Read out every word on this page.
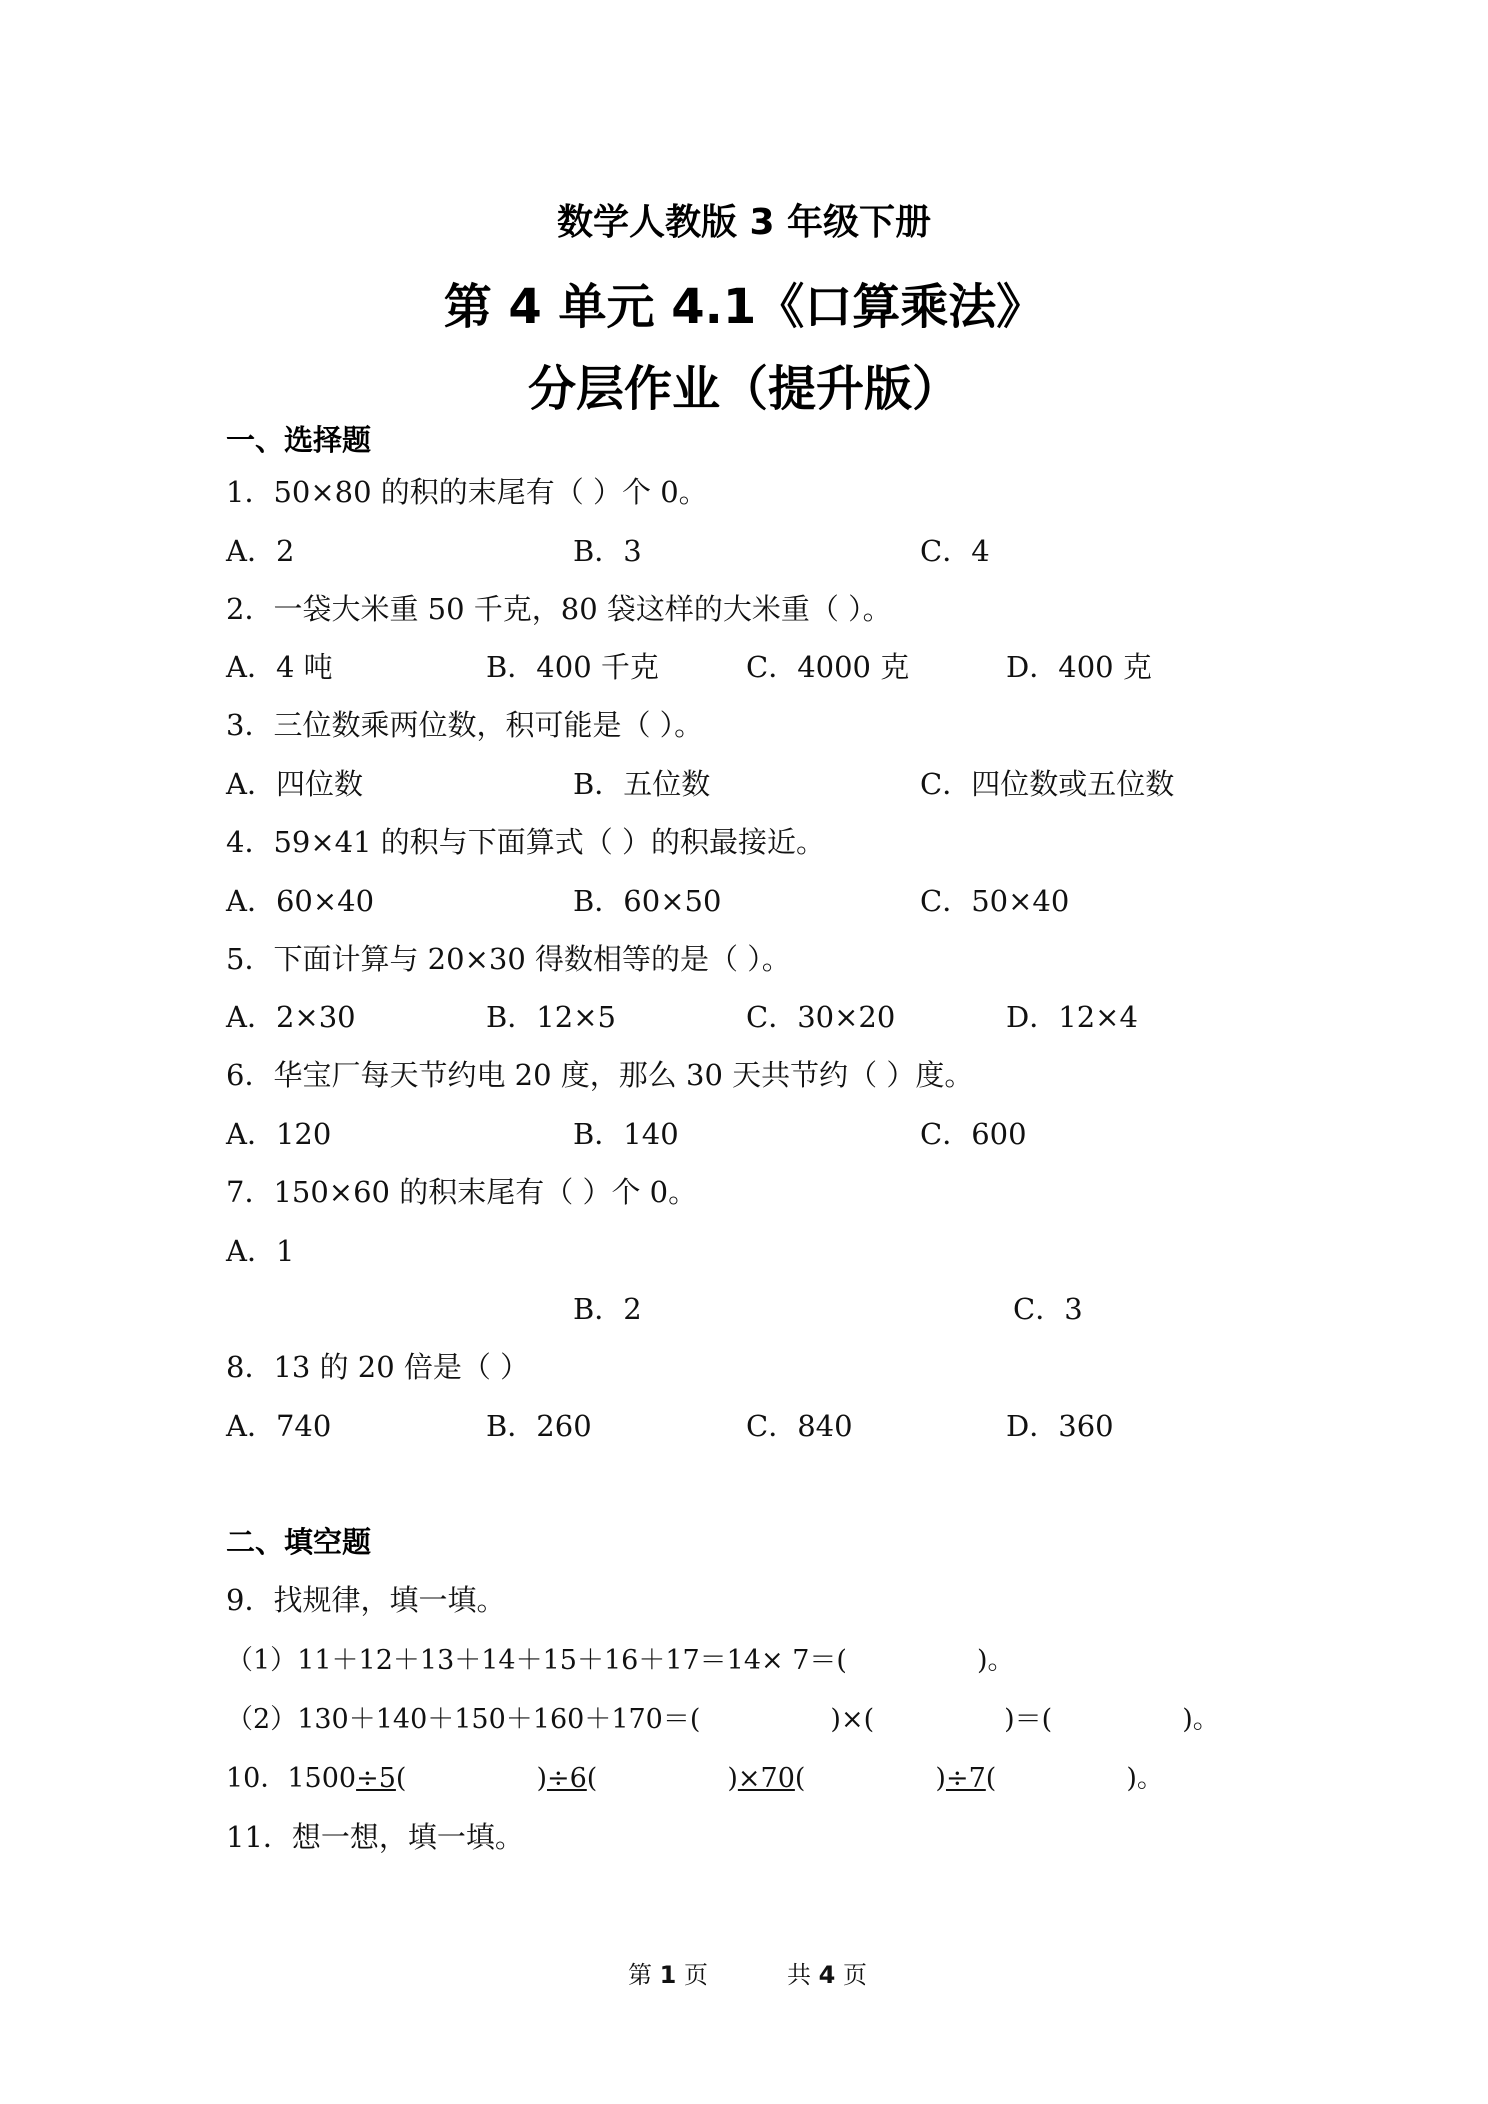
数学人教版 3 年级下册
第 4 单元 4.1《口算乘法》
分层作业（提升版）
一、选择题
1．50×80 的积的末尾有（ ）个 0。
A．2	B．3	C．4
2．一袋大米重 50 千克，80 袋这样的大米重（ ）。
A．4 吨	B．400 千克	C．4000 克	D．400 克
3．三位数乘两位数，积可能是（ ）。
A．四位数	B．五位数	C．四位数或五位数
4．59×41 的积与下面算式（ ）的积最接近。
A．60×40	B．60×50	C．50×40
5．下面计算与 20×30 得数相等的是（ ）。
A．2×30	B．12×5	C．30×20	D．12×4
6．华宝厂每天节约电 20 度，那么 30 天共节约（ ）度。
A．120	B．140	C．600
7．150×60 的积末尾有（ ）个 0。
A．1
B．2	C．3
8．13 的 20 倍是（ ）
A．740	B．260	C．840	D．360
二、填空题
9．找规律，填一填。
（1）11＋12＋13＋14＋15＋16＋17＝14× 7＝(	)。
（2）130＋140＋150＋160＋170＝(	)×(	)＝(	)。
10．1500÷5(	)÷6(	)×70(	)÷7(	)。
11．想一想，填一填。
第 1 页	共 4 页
